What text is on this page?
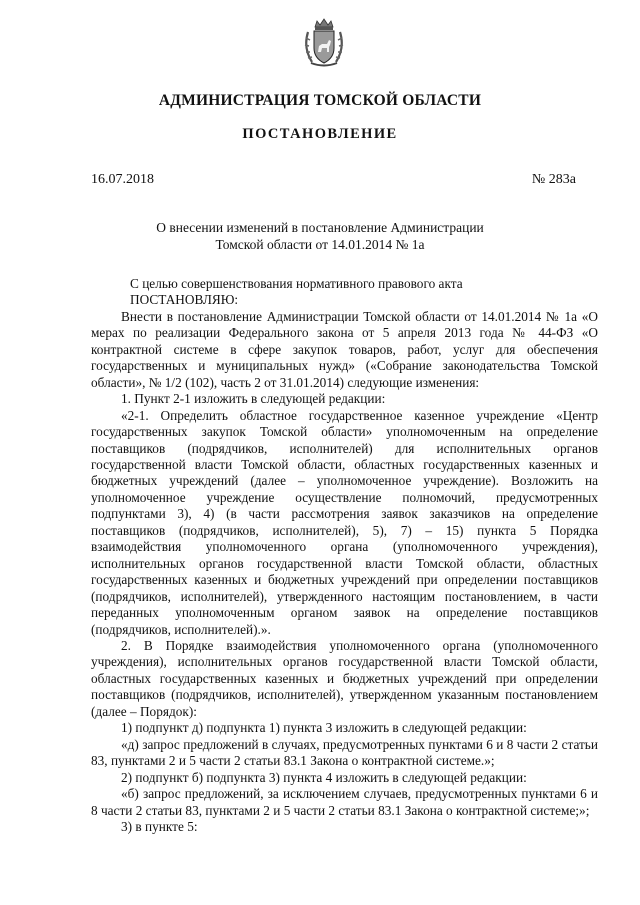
АДМИНИСТРАЦИЯ ТОМСКОЙ ОБЛАСТИ
ПОСТАНОВЛЕНИЕ
16.07.2018	№ 283а
О внесении изменений в постановление Администрации
Томской области от 14.01.2014 № 1а

С целью совершенствования нормативного правового акта

ПОСТАНОВЛЯЮ:

Внести в постановление Администрации Томской области от 14.01.2014 № 1а «О мерах по реализации Федерального закона от 5 апреля 2013 года № 44-ФЗ «О контрактной системе в сфере закупок товаров, работ, услуг для обеспечения государственных и муниципальных нужд» («Собрание законодательства Томской области», № 1/2 (102), часть 2 от 31.01.2014) следующие изменения:

1. Пункт 2-1 изложить в следующей редакции:

«2-1. Определить областное государственное казенное учреждение «Центр государственных закупок Томской области» уполномоченным на определение поставщиков (подрядчиков, исполнителей) для исполнительных органов государственной власти Томской области, областных государственных казенных и бюджетных учреждений (далее – уполномоченное учреждение). Возложить на уполномоченное учреждение осуществление полномочий, предусмотренных подпунктами 3), 4) (в части рассмотрения заявок заказчиков на определение поставщиков (подрядчиков, исполнителей), 5), 7) – 15) пункта 5 Порядка взаимодействия уполномоченного органа (уполномоченного учреждения), исполнительных органов государственной власти Томской области, областных государственных казенных и бюджетных учреждений при определении поставщиков (подрядчиков, исполнителей), утвержденного настоящим постановлением, в части переданных уполномоченным органом заявок на определение поставщиков (подрядчиков, исполнителей).».

2. В Порядке взаимодействия уполномоченного органа (уполномоченного учреждения), исполнительных органов государственной власти Томской области, областных государственных казенных и бюджетных учреждений при определении поставщиков (подрядчиков, исполнителей), утвержденном указанным постановлением (далее – Порядок):

1) подпункт д) подпункта 1) пункта 3 изложить в следующей редакции:

«д) запрос предложений в случаях, предусмотренных пунктами 6 и 8 части 2 статьи 83, пунктами 2 и 5 части 2 статьи 83.1 Закона о контрактной системе.»;

2) подпункт б) подпункта 3) пункта 4 изложить в следующей редакции:

«б) запрос предложений, за исключением случаев, предусмотренных пунктами 6 и 8 части 2 статьи 83, пунктами 2 и 5 части 2 статьи 83.1 Закона о контрактной системе;»;

3) в пункте 5:
